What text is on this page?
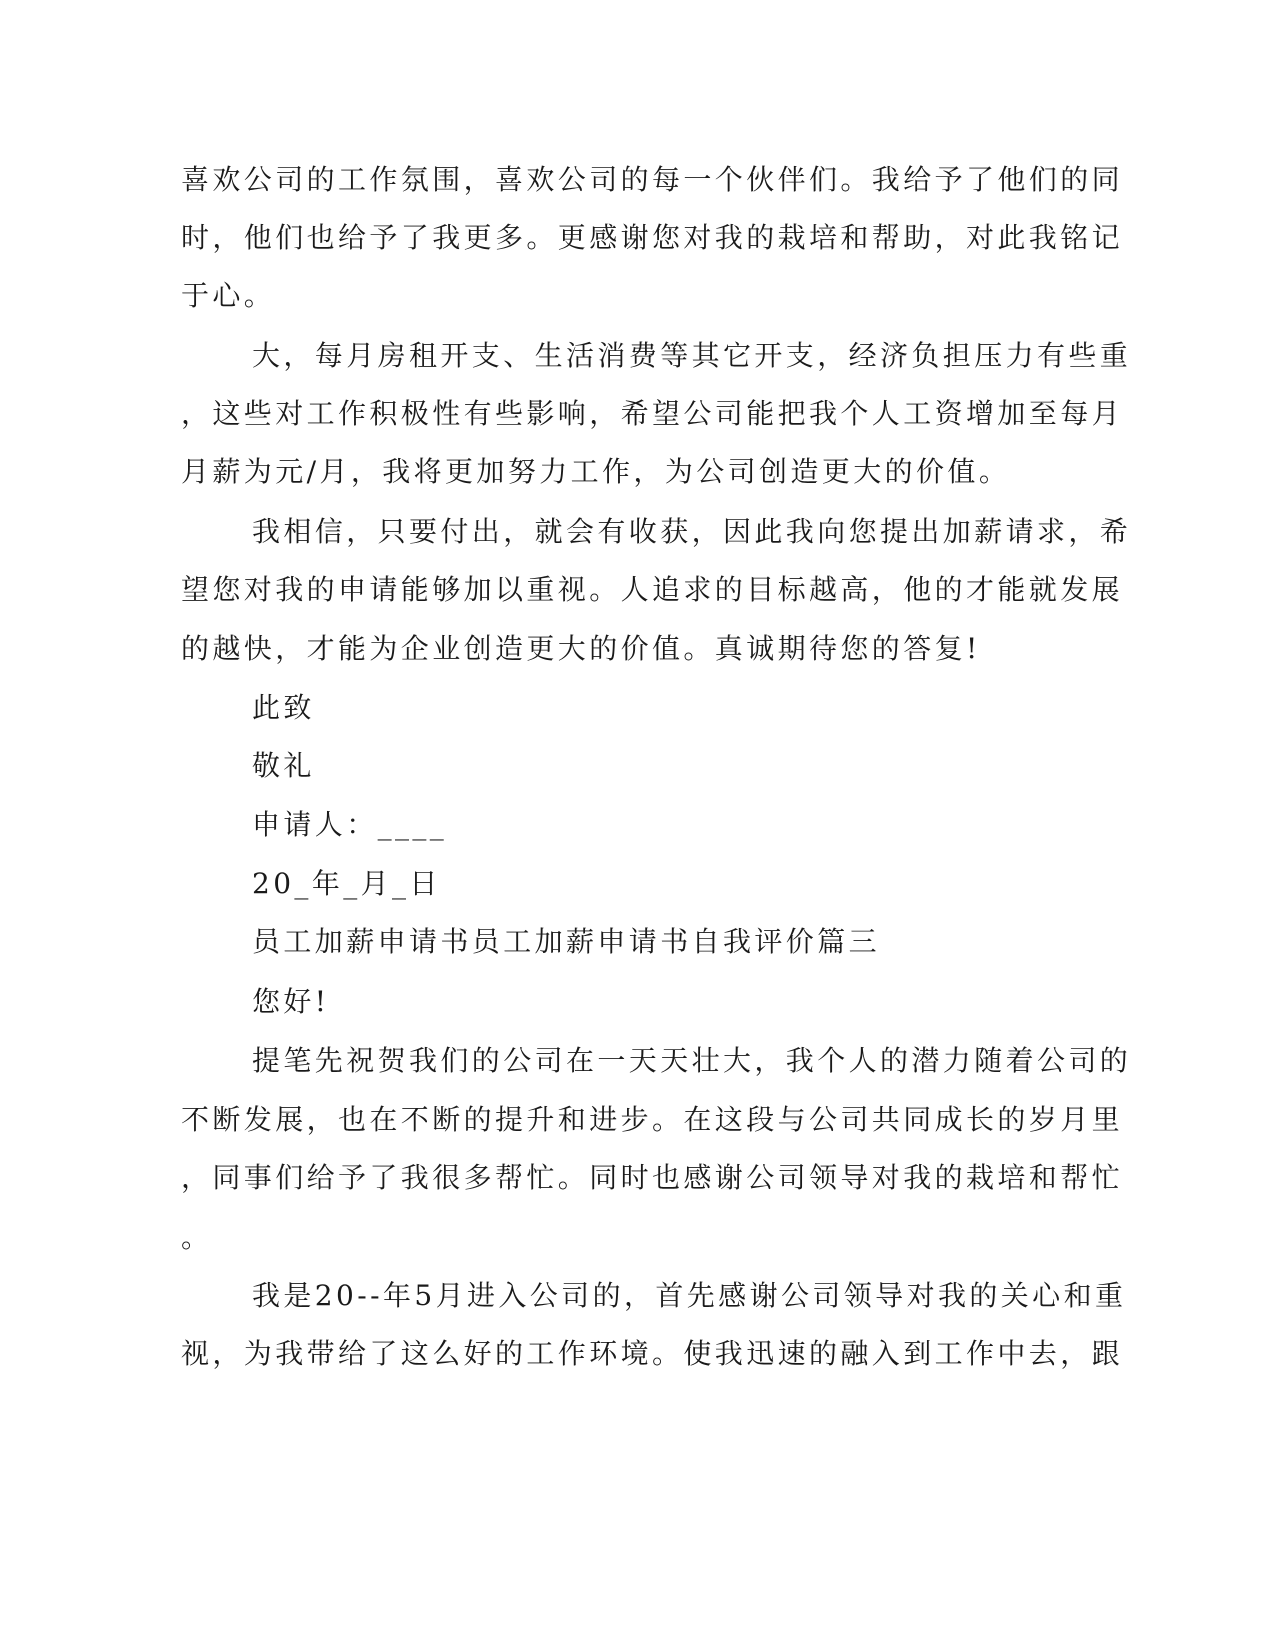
喜欢公司的工作氛围，喜欢公司的每一个伙伴们。我给予了他们的同
时，他们也给予了我更多。更感谢您对我的栽培和帮助，对此我铭记
于心。
大，每月房租开支、生活消费等其它开支，经济负担压力有些重
，这些对工作积极性有些影响，希望公司能把我个人工资增加至每月
月薪为元/月，我将更加努力工作，为公司创造更大的价值。
我相信，只要付出，就会有收获，因此我向您提出加薪请求，希
望您对我的申请能够加以重视。人追求的目标越高，他的才能就发展
的越快，才能为企业创造更大的价值。真诚期待您的答复!
此致
敬礼
申请人：____
20_年_月_日
员工加薪申请书员工加薪申请书自我评价篇三
您好!
提笔先祝贺我们的公司在一天天壮大，我个人的潜力随着公司的
不断发展，也在不断的提升和进步。在这段与公司共同成长的岁月里
，同事们给予了我很多帮忙。同时也感谢公司领导对我的栽培和帮忙
。
我是20--年5月进入公司的，首先感谢公司领导对我的关心和重
视，为我带给了这么好的工作环境。使我迅速的融入到工作中去，跟
